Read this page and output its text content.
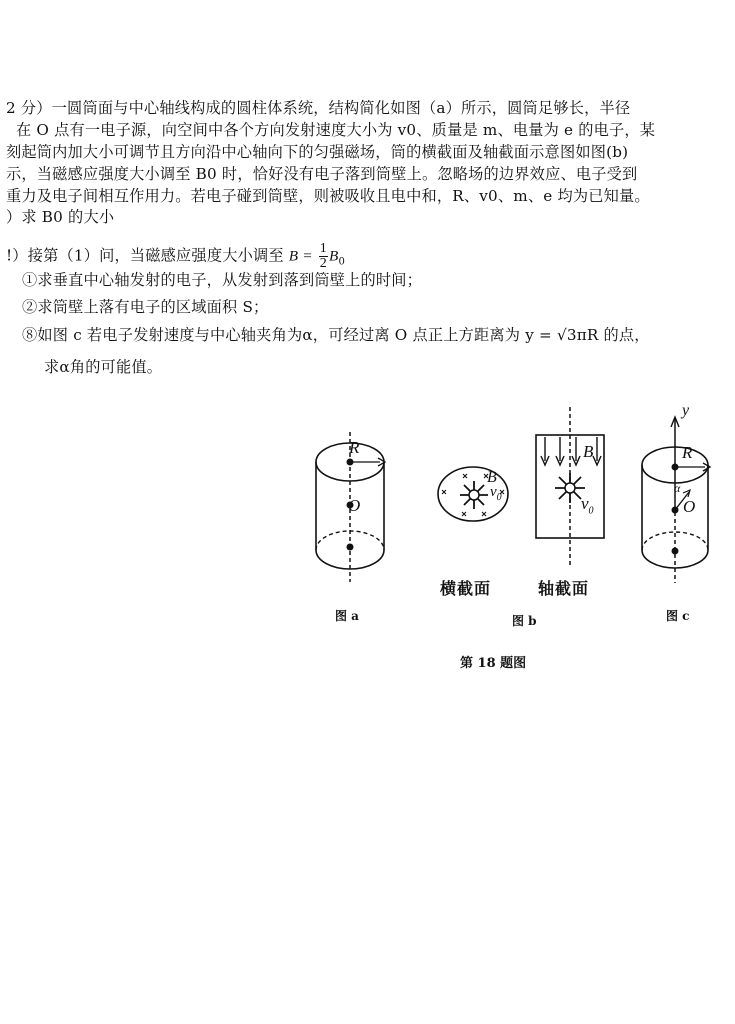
2 分）一圆筒面与中心轴线构成的圆柱体系统，结构简化如图（a）所示，圆筒足够长，半径
在 O 点有一电子源，向空间中各个方向发射速度大小为 v0、质量是 m、电量为 e 的电子，某
刻起筒内加大小可调节且方向沿中心轴向下的匀强磁场，筒的横截面及轴截面示意图如图(b)
示，当磁感应强度大小调至 B0 时，恰好没有电子落到筒壁上。忽略场的边界效应、电子受到
重力及电子间相互作用力。若电子碰到筒壁，则被吸收且电中和，R、v0、m、e 均为已知量。
）求 B0 的大小
!）接第（1）问，当磁感应强度大小调至 $B = \frac{1}{2} B_0$
①求垂直中心轴发射的电子，从发射到落到筒壁上的时间；
②求筒壁上落有电子的区域面积 S；
⑧如图 c 若电子发射速度与中心轴夹角为α，可经过离 O 点正上方距离为 y = √3πR 的点，
求α角的可能值。
R
O
图 a
B
$v_0$
B
$v_0$
横截面	轴截面
图 b
y
R
α
O
图 c
第 18 题图
